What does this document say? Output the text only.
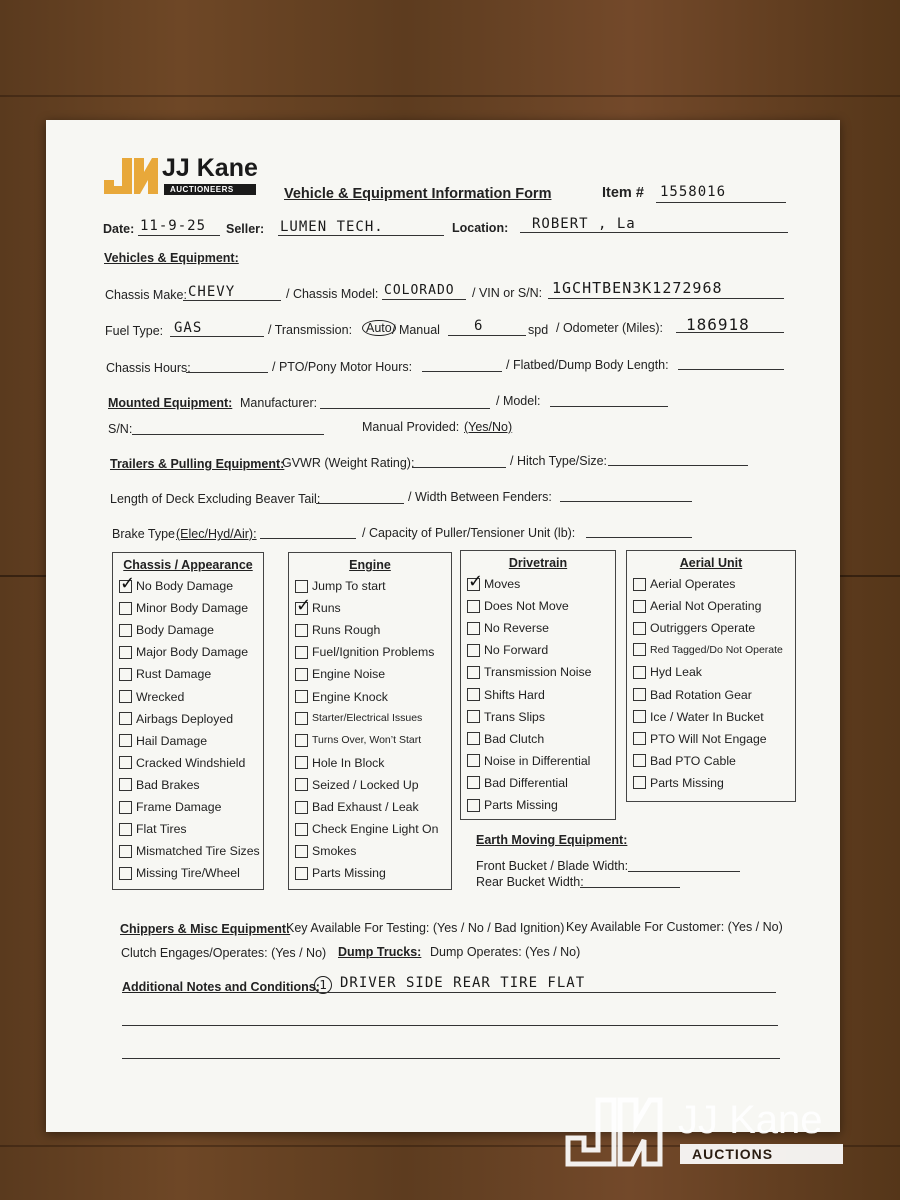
JJ Kane
AUCTIONEERS	Vehicle & Equipment Information Form	Item # 1558016
Date: 11-9-25 Seller: LUMEN TECH.	Location: ROBERT , La
Vehicles & Equipment:
Chassis Make: CHEVY	/ Chassis Model: COLORADO / VIN or S/N: 1GCHTBEN3K1272968
Fuel Type: GAS	/ Transmission:	Auto / Manual 6	spd / Odometer (Miles): 186918
Chassis Hours:	/ PTO/Pony Motor Hours:	/ Flatbed/Dump Body Length:
Mounted Equipment: Manufacturer:	/ Model:
S/N:	Manual Provided: (Yes/No)
Trailers & Pulling Equipment:
GVWR (Weight Rating):	/ Hitch Type/Size:
Length of Deck Excluding Beaver Tail:	/ Width Between Fenders:
Brake Type (Elec/Hyd/Air):	/ Capacity of Puller/Tensioner Unit (lb):
Chassis / Appearance
✓ No Body Damage
Minor Body Damage
Body Damage
Major Body Damage
Rust Damage
Wrecked
Airbags Deployed
Hail Damage
Cracked Windshield
Bad Brakes
Frame Damage
Flat Tires
Mismatched Tire Sizes
Missing Tire/Wheel
Engine
Jump To start
✓ Runs
Runs Rough
Fuel/Ignition Problems
Engine Noise
Engine Knock
Starter/Electrical Issues
Turns Over, Won’t Start
Hole In Block
Seized / Locked Up
Bad Exhaust / Leak
Check Engine Light On
Smokes
Parts Missing
Drivetrain
✓ Moves
Does Not Move
No Reverse
No Forward
Transmission Noise
Shifts Hard
Trans Slips
Bad Clutch
Noise in Differential
Bad Differential
Parts Missing
Aerial Unit
Aerial Operates
Aerial Not Operating
Outriggers Operate
Red Tagged/Do Not Operate
Hyd Leak
Bad Rotation Gear
Ice / Water In Bucket
PTO Will Not Engage
Bad PTO Cable
Parts Missing
Earth Moving Equipment:
Front Bucket / Blade Width:
Rear Bucket Width:
Chippers & Misc Equipment:
Key Available For Testing: (Yes / No / Bad Ignition) Key Available For Customer: (Yes / No)
Clutch Engages/Operates: (Yes / No) Dump Trucks: Dump Operates: (Yes / No)
Additional Notes and Conditions: 1 DRIVER SIDE REAR TIRE FLAT
JJ Kane
AUCTIONS
